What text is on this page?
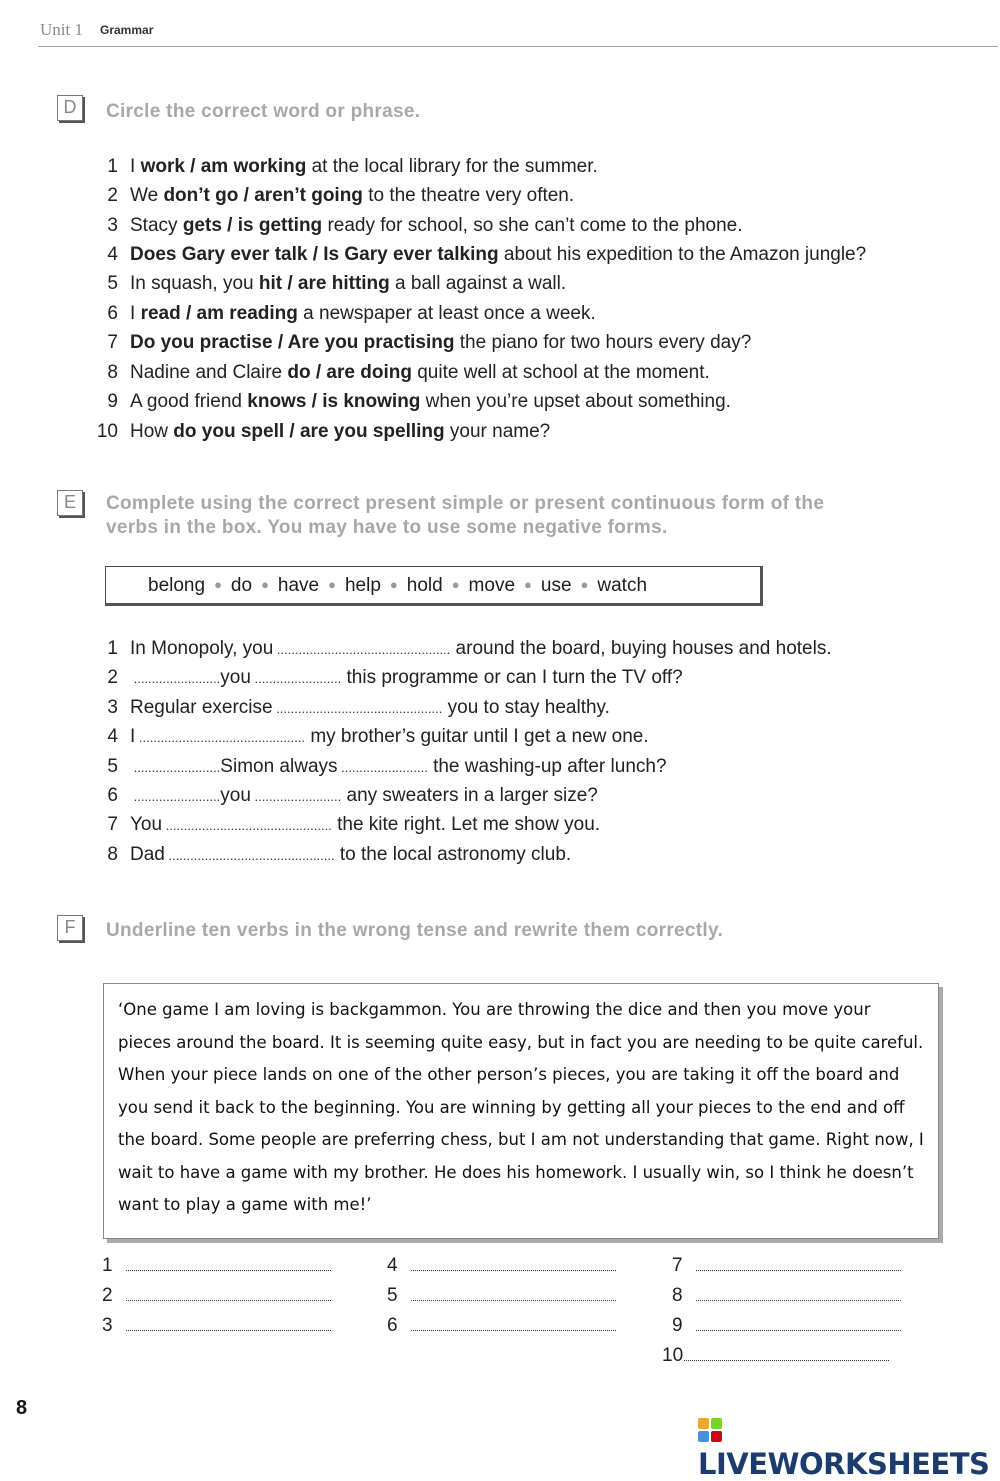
Unit 1 Grammar
D	Circle the correct word or phrase.
1 I work / am working at the local library for the summer.
2 We don’t go / aren’t going to the theatre very often.
3 Stacy gets / is getting ready for school, so she can’t come to the phone.
4 Does Gary ever talk / Is Gary ever talking about his expedition to the Amazon jungle?
5 In squash, you hit / are hitting a ball against a wall.
6 I read / am reading a newspaper at least once a week.
7 Do you practise / Are you practising the piano for two hours every day?
8 Nadine and Claire do / are doing quite well at school at the moment.
9 A good friend knows / is knowing when you’re upset about something.
10 How do you spell / are you spelling your name?
E	Complete using the correct present simple or present continuous form of the
verbs in the box. You may have to use some negative forms.
belong ● do ● have ● help ● hold ● move ● use ● watch
1 In Monopoly, you ................................................ around the board, buying houses and hotels.
2 ........................you ........................ this programme or can I turn the TV off?
3 Regular exercise .............................................. you to stay healthy.
4 I .............................................. my brother’s guitar until I get a new one.
5 ........................Simon always ........................ the washing-up after lunch?
6 ........................you ........................ any sweaters in a larger size?
7 You .............................................. the kite right. Let me show you.
8 Dad .............................................. to the local astronomy club.
F	Underline ten verbs in the wrong tense and rewrite them correctly.
‘One game I am loving is backgammon. You are throwing the dice and then you move your pieces around the board. It is seeming quite easy, but in fact you are needing to be quite careful. When your piece lands on one of the other person’s pieces, you are taking it off the board and you send it back to the beginning. You are winning by getting all your pieces to the end and off the board. Some people are preferring chess, but I am not understanding that game. Right now, I wait to have a game with my brother. He does his homework. I usually win, so I think he doesn’t want to play a game with me!’
1
2
3
4
5
6
7
8
9
10
8
LIVEWORKSHEETS
